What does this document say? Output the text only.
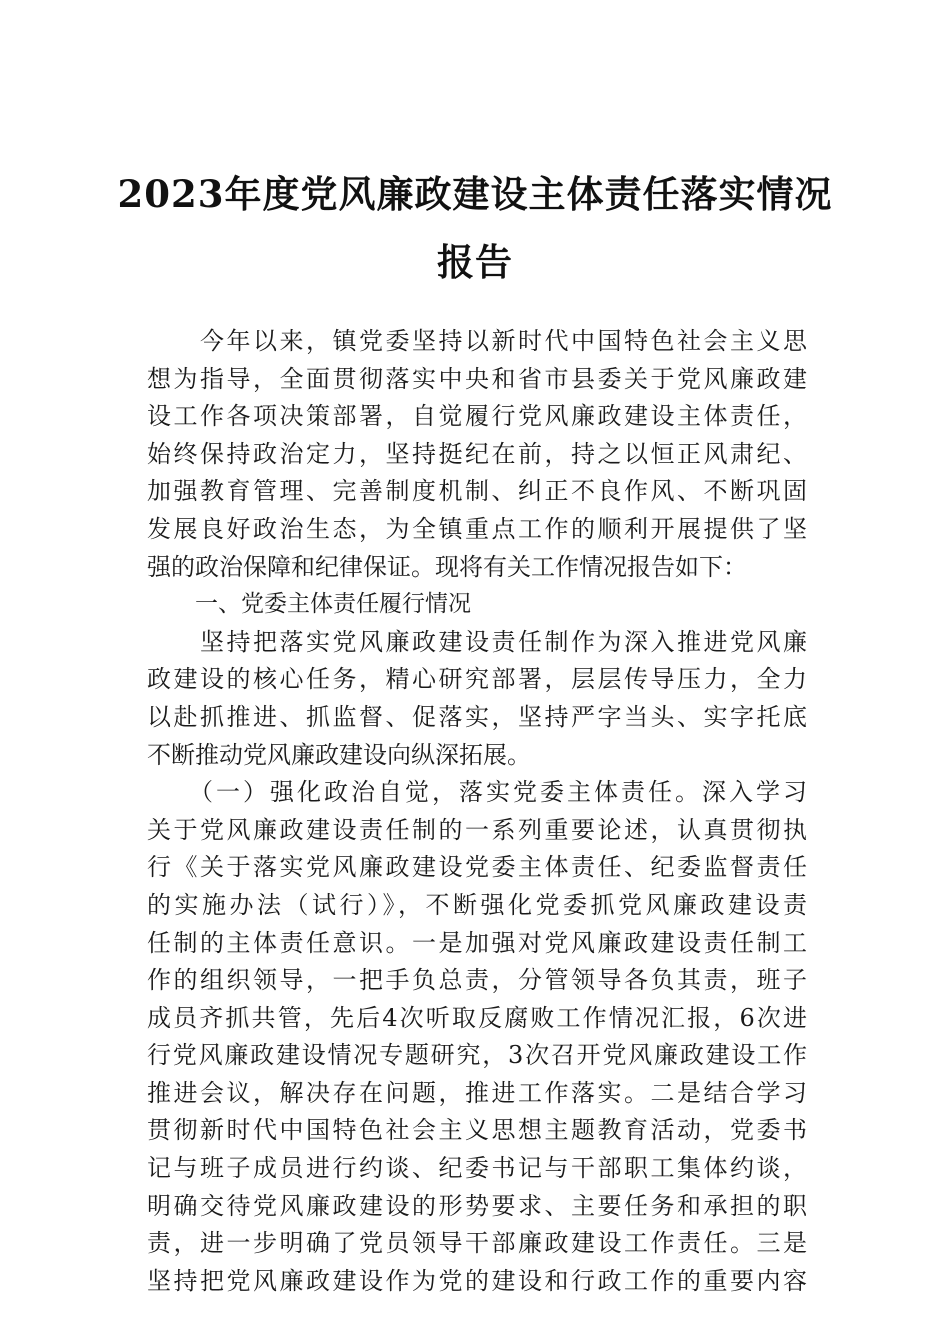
2023年度党风廉政建设主体责任落实情况
报告
　　今年以来，镇党委坚持以新时代中国特色社会主义思
想为指导，全面贯彻落实中央和省市县委关于党风廉政建
设工作各项决策部署，自觉履行党风廉政建设主体责任，
始终保持政治定力，坚持挺纪在前，持之以恒正风肃纪、
加强教育管理、完善制度机制、纠正不良作风、不断巩固
发展良好政治生态，为全镇重点工作的顺利开展提供了坚
强的政治保障和纪律保证。现将有关工作情况报告如下：
一、党委主体责任履行情况
　　坚持把落实党风廉政建设责任制作为深入推进党风廉
政建设的核心任务，精心研究部署，层层传导压力，全力
以赴抓推进、抓监督、促落实，坚持严字当头、实字托底
不断推动党风廉政建设向纵深拓展。
　　（一）强化政治自觉，落实党委主体责任。深入学习
关于党风廉政建设责任制的一系列重要论述，认真贯彻执
行《关于落实党风廉政建设党委主体责任、纪委监督责任
的实施办法（试行）》，不断强化党委抓党风廉政建设责
任制的主体责任意识。一是加强对党风廉政建设责任制工
作的组织领导，一把手负总责，分管领导各负其责，班子
成员齐抓共管，先后4次听取反腐败工作情况汇报，6次进
行党风廉政建设情况专题研究，3次召开党风廉政建设工作
推进会议，解决存在问题，推进工作落实。二是结合学习
贯彻新时代中国特色社会主义思想主题教育活动，党委书
记与班子成员进行约谈、纪委书记与干部职工集体约谈，
明确交待党风廉政建设的形势要求、主要任务和承担的职
责，进一步明确了党员领导干部廉政建设工作责任。三是
坚持把党风廉政建设作为党的建设和行政工作的重要内容
